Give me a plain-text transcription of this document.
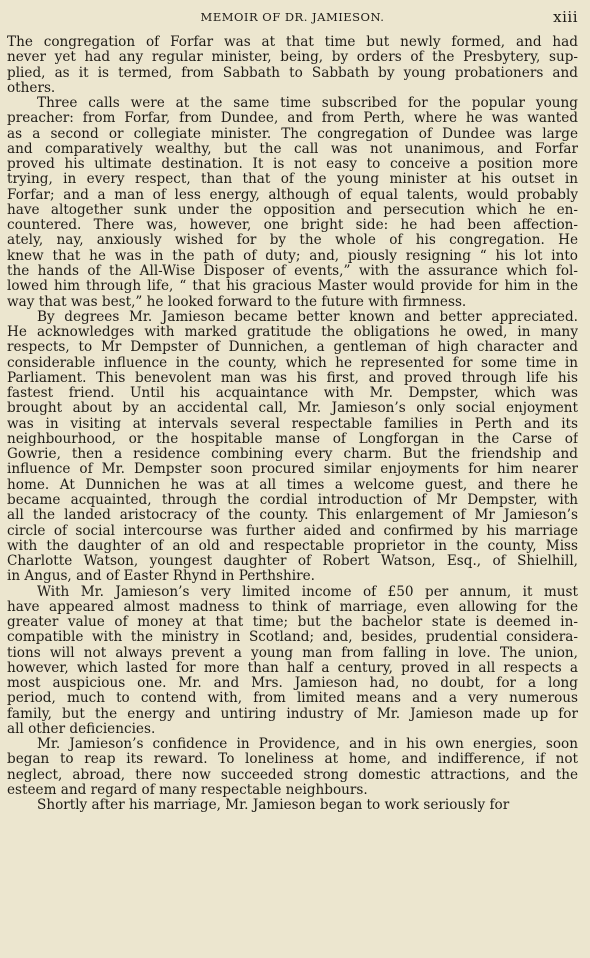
MEMOIR OF DR. JAMIESON.	xiii
The congregation of Forfar was at that time but newly formed, and had
never yet had any regular minister, being, by orders of the Presbytery, sup-
plied, as it is termed, from Sabbath to Sabbath by young probationers and
others.
Three calls were at the same time subscribed for the popular young
preacher: from Forfar, from Dundee, and from Perth, where he was wanted
as a second or collegiate minister. The congregation of Dundee was large
and comparatively wealthy, but the call was not unanimous, and Forfar
proved his ultimate destination. It is not easy to conceive a position more
trying, in every respect, than that of the young minister at his outset in
Forfar; and a man of less energy, although of equal talents, would probably
have altogether sunk under the opposition and persecution which he en-
countered. There was, however, one bright side: he had been affection-
ately, nay, anxiously wished for by the whole of his congregation. He
knew that he was in the path of duty; and, piously resigning “ his lot into
the hands of the All-Wise Disposer of events,” with the assurance which fol-
lowed him through life, “ that his gracious Master would provide for him in the
way that was best,” he looked forward to the future with firmness.
By degrees Mr. Jamieson became better known and better appreciated.
He acknowledges with marked gratitude the obligations he owed, in many
respects, to Mr Dempster of Dunnichen, a gentleman of high character and
considerable influence in the county, which he represented for some time in
Parliament. This benevolent man was his first, and proved through life his
fastest friend. Until his acquaintance with Mr. Dempster, which was
brought about by an accidental call, Mr. Jamieson’s only social enjoyment
was in visiting at intervals several respectable families in Perth and its
neighbourhood, or the hospitable manse of Longforgan in the Carse of
Gowrie, then a residence combining every charm. But the friendship and
influence of Mr. Dempster soon procured similar enjoyments for him nearer
home. At Dunnichen he was at all times a welcome guest, and there he
became acquainted, through the cordial introduction of Mr Dempster, with
all the landed aristocracy of the county. This enlargement of Mr Jamieson’s
circle of social intercourse was further aided and confirmed by his marriage
with the daughter of an old and respectable proprietor in the county, Miss
Charlotte Watson, youngest daughter of Robert Watson, Esq., of Shielhill,
in Angus, and of Easter Rhynd in Perthshire.
With Mr. Jamieson’s very limited income of £50 per annum, it must
have appeared almost madness to think of marriage, even allowing for the
greater value of money at that time; but the bachelor state is deemed in-
compatible with the ministry in Scotland; and, besides, prudential considera-
tions will not always prevent a young man from falling in love. The union,
however, which lasted for more than half a century, proved in all respects a
most auspicious one. Mr. and Mrs. Jamieson had, no doubt, for a long
period, much to contend with, from limited means and a very numerous
family, but the energy and untiring industry of Mr. Jamieson made up for
all other deficiencies.
Mr. Jamieson’s confidence in Providence, and in his own energies, soon
began to reap its reward. To loneliness at home, and indifference, if not
neglect, abroad, there now succeeded strong domestic attractions, and the
esteem and regard of many respectable neighbours.
Shortly after his marriage, Mr. Jamieson began to work seriously for
